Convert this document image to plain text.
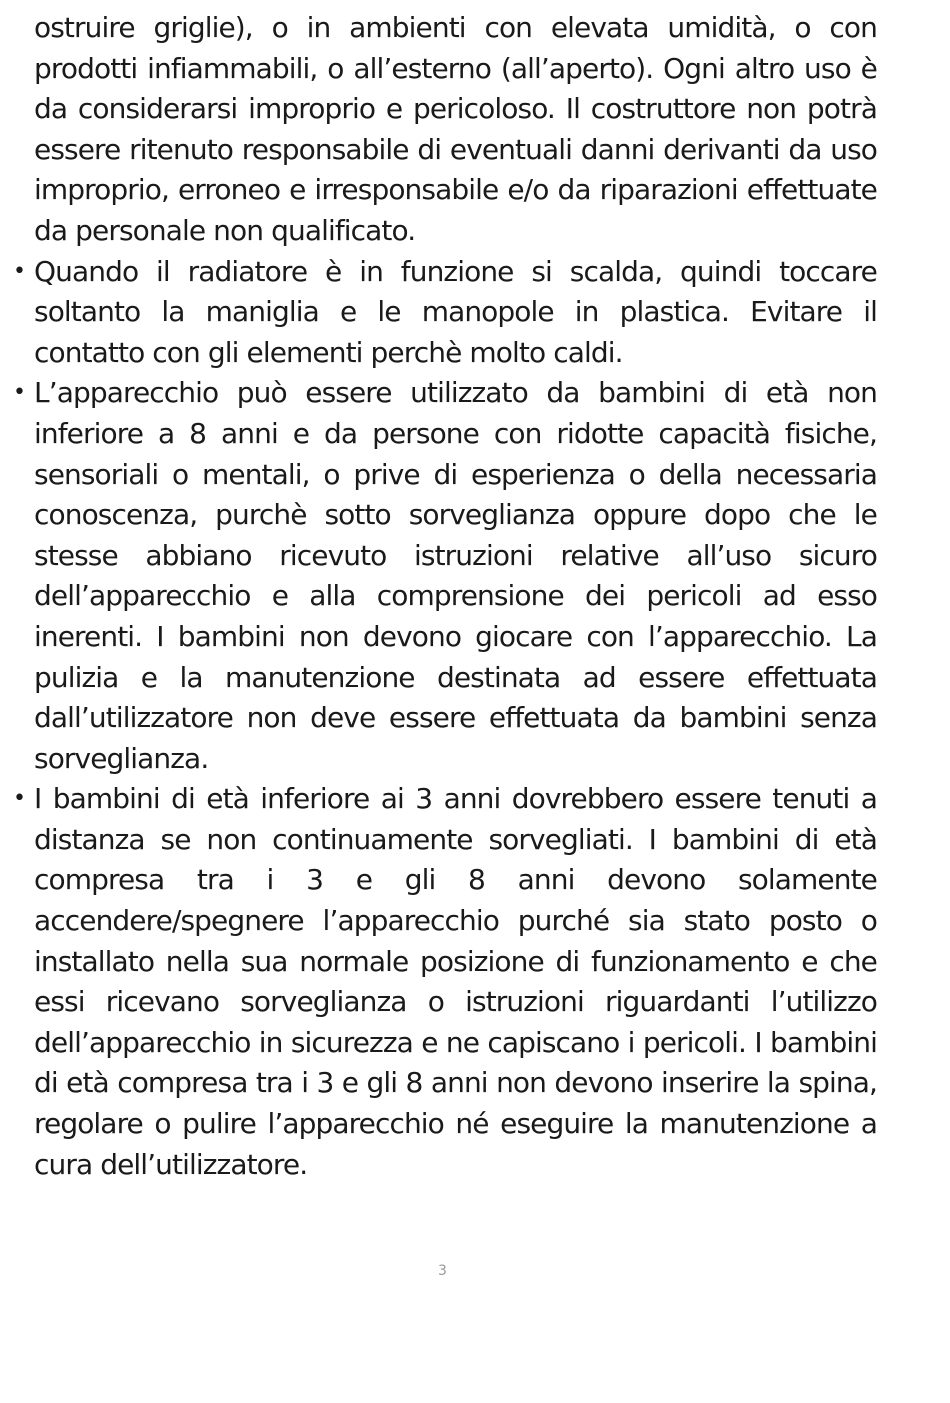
ostruire griglie), o in ambienti con elevata umidità, o con prodotti infiammabili, o all’esterno (all’aperto). Ogni altro uso è da considerarsi improprio e pericoloso. Il costruttore non potrà essere ritenuto responsabile di eventuali danni derivanti da uso improprio, erroneo e irresponsabile e/o da riparazioni effettuate da personale non qualificato.

• Quando il radiatore è in funzione si scalda, quindi toccare soltanto la maniglia e le manopole in plastica. Evitare il contatto con gli elementi perchè molto caldi.
• L’apparecchio può essere utilizzato da bambini di età non inferiore a 8 anni e da persone con ridotte capacità fisiche, sensoriali o mentali, o prive di esperienza o della necessaria conoscenza, purchè sotto sorveglianza oppure dopo che le stesse abbiano ricevuto istruzioni relative all’uso sicuro dell’apparecchio e alla comprensione dei pericoli ad esso inerenti. I bambini non devono giocare con l’apparecchio. La pulizia e la manutenzione destinata ad essere effettuata dall’utilizzatore non deve essere effettuata da bambini senza sorveglianza.
• I bambini di età inferiore ai 3 anni dovrebbero essere tenuti a distanza se non continuamente sorvegliati. I bambini di età compresa tra i 3 e gli 8 anni devono solamente accendere/spegnere l’apparecchio purché sia stato posto o installato nella sua normale posizione di funzionamento e che essi ricevano sorveglianza o istruzioni riguardanti l’utilizzo dell’apparecchio in sicurezza e ne capiscano i pericoli. I bambini di età compresa tra i 3 e gli 8 anni non devono inserire la spina, regolare o pulire l’apparecchio né eseguire la manutenzione a cura dell’utilizzatore.
3
